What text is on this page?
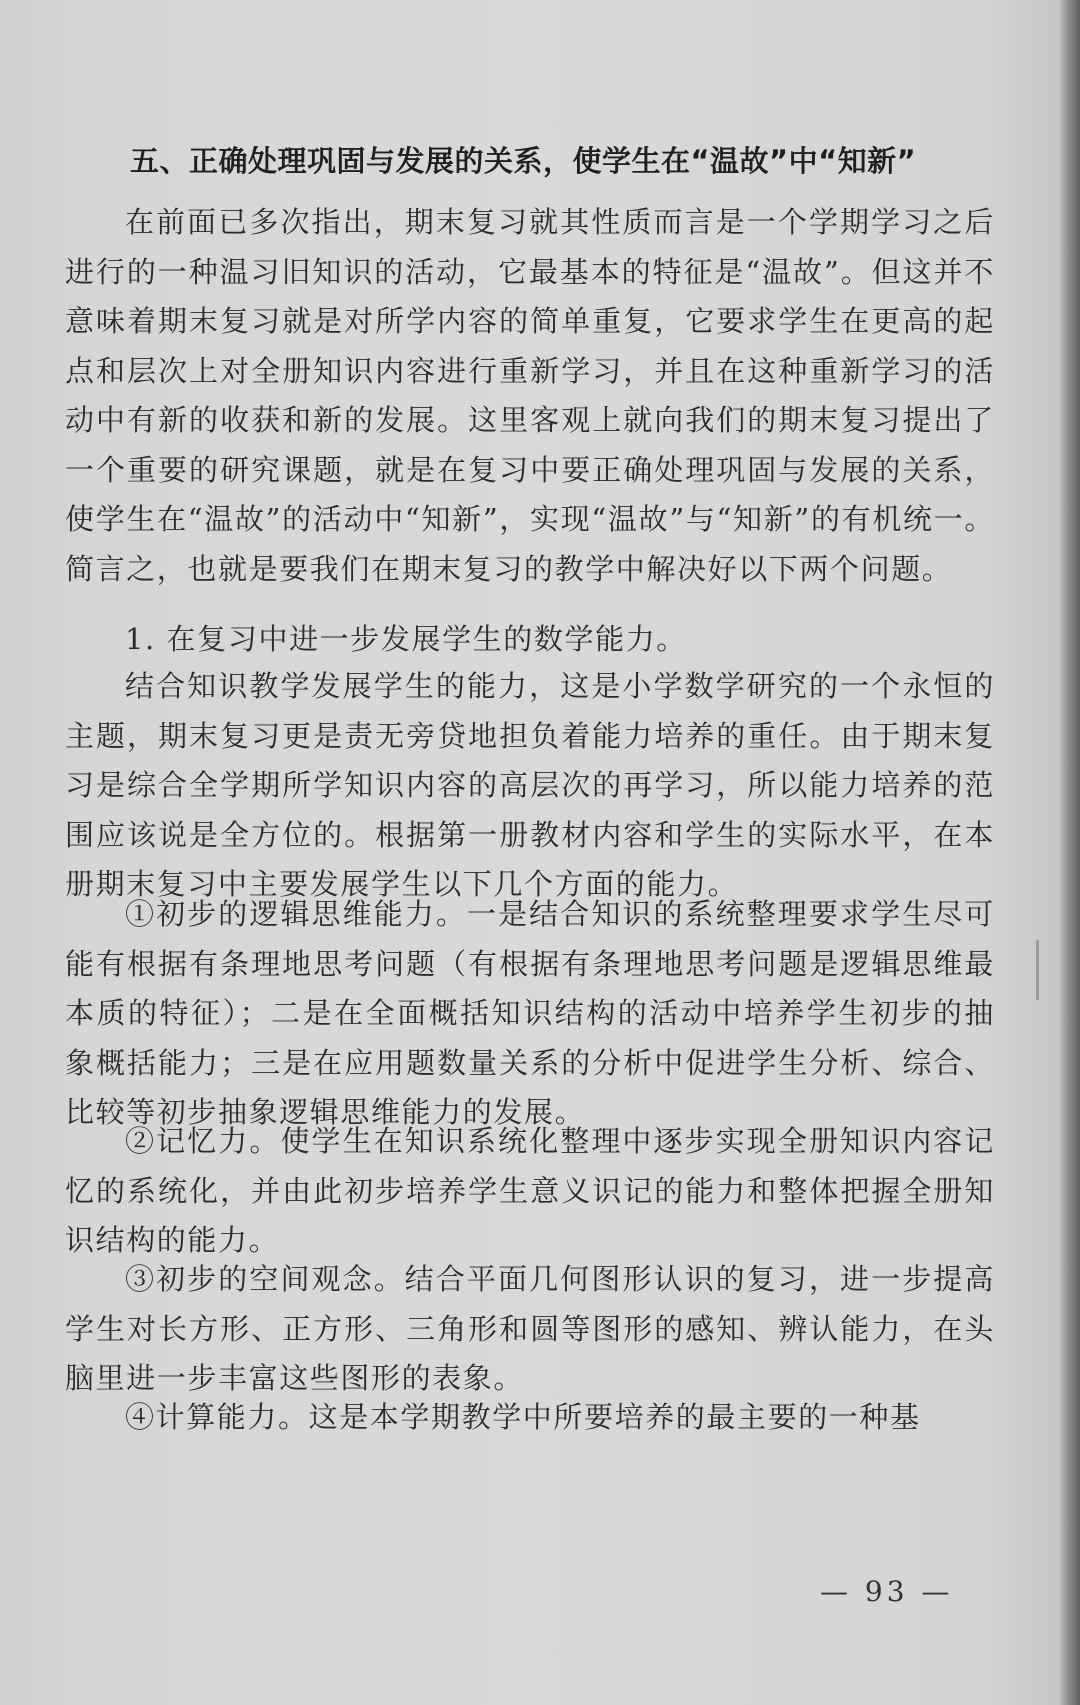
五、正确处理巩固与发展的关系，使学生在“温故”中“知新”
在前面已多次指出，期末复习就其性质而言是一个学期学习之后进行的一种温习旧知识的活动，它最基本的特征是“温故”。但这并不意味着期末复习就是对所学内容的简单重复，它要求学生在更高的起点和层次上对全册知识内容进行重新学习，并且在这种重新学习的活动中有新的收获和新的发展。这里客观上就向我们的期末复习提出了一个重要的研究课题，就是在复习中要正确处理巩固与发展的关系，使学生在“温故”的活动中“知新”，实现“温故”与“知新”的有机统一。简言之，也就是要我们在期末复习的教学中解决好以下两个问题。
1. 在复习中进一步发展学生的数学能力。
结合知识教学发展学生的能力，这是小学数学研究的一个永恒的主题，期末复习更是责无旁贷地担负着能力培养的重任。由于期末复习是综合全学期所学知识内容的高层次的再学习，所以能力培养的范围应该说是全方位的。根据第一册教材内容和学生的实际水平，在本册期末复习中主要发展学生以下几个方面的能力。
①初步的逻辑思维能力。一是结合知识的系统整理要求学生尽可能有根据有条理地思考问题（有根据有条理地思考问题是逻辑思维最本质的特征）；二是在全面概括知识结构的活动中培养学生初步的抽象概括能力；三是在应用题数量关系的分析中促进学生分析、综合、比较等初步抽象逻辑思维能力的发展。
②记忆力。使学生在知识系统化整理中逐步实现全册知识内容记忆的系统化，并由此初步培养学生意义识记的能力和整体把握全册知识结构的能力。
③初步的空间观念。结合平面几何图形认识的复习，进一步提高学生对长方形、正方形、三角形和圆等图形的感知、辨认能力，在头脑里进一步丰富这些图形的表象。
④计算能力。这是本学期教学中所要培养的最主要的一种基
— 93 —
